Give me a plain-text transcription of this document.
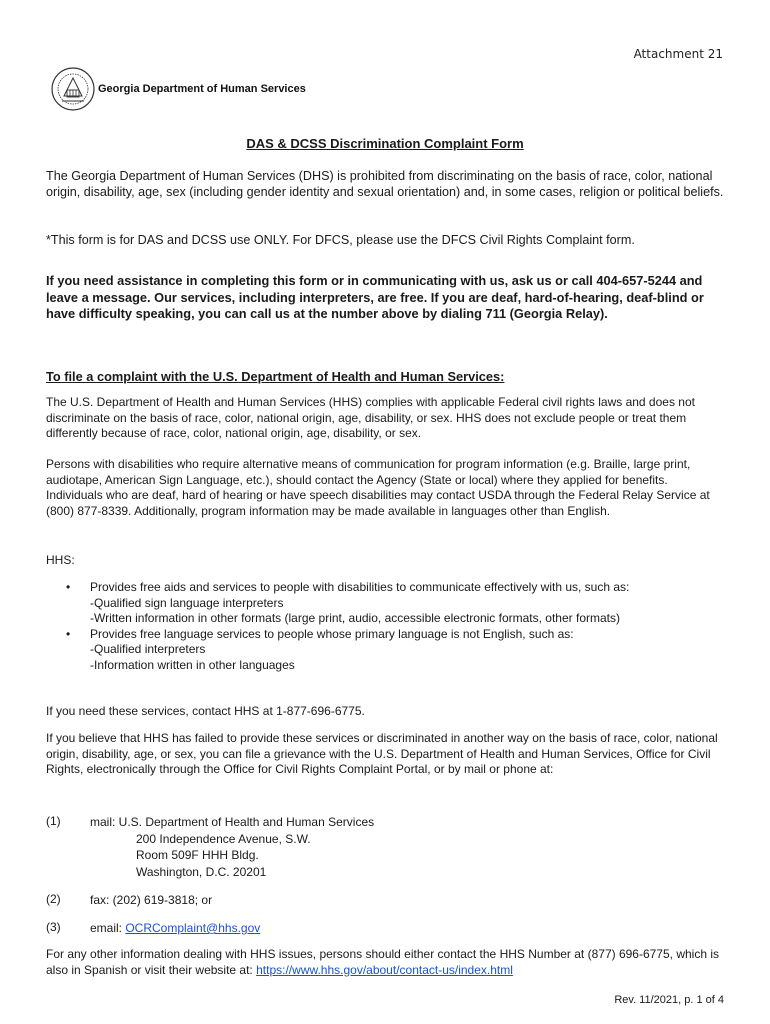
Attachment 21
Georgia Department of Human Services
DAS & DCSS Discrimination Complaint Form
The Georgia Department of Human Services (DHS) is prohibited from discriminating on the basis of race, color, national origin, disability, age, sex (including gender identity and sexual orientation) and, in some cases, religion or political beliefs.
*This form is for DAS and DCSS use ONLY. For DFCS, please use the DFCS Civil Rights Complaint form.
If you need assistance in completing this form or in communicating with us, ask us or call 404-657-5244 and leave a message. Our services, including interpreters, are free. If you are deaf, hard-of-hearing, deaf-blind or have difficulty speaking, you can call us at the number above by dialing 711 (Georgia Relay).
To file a complaint with the U.S. Department of Health and Human Services:
The U.S. Department of Health and Human Services (HHS) complies with applicable Federal civil rights laws and does not discriminate on the basis of race, color, national origin, age, disability, or sex. HHS does not exclude people or treat them differently because of race, color, national origin, age, disability, or sex.
Persons with disabilities who require alternative means of communication for program information (e.g. Braille, large print, audiotape, American Sign Language, etc.), should contact the Agency (State or local) where they applied for benefits. Individuals who are deaf, hard of hearing or have speech disabilities may contact USDA through the Federal Relay Service at (800) 877-8339. Additionally, program information may be made available in languages other than English.
HHS:
• Provides free aids and services to people with disabilities to communicate effectively with us, such as:
-Qualified sign language interpreters
-Written information in other formats (large print, audio, accessible electronic formats, other formats)
• Provides free language services to people whose primary language is not English, such as:
-Qualified interpreters
-Information written in other languages
If you need these services, contact HHS at 1-877-696-6775.
If you believe that HHS has failed to provide these services or discriminated in another way on the basis of race, color, national origin, disability, age, or sex, you can file a grievance with the U.S. Department of Health and Human Services, Office for Civil Rights, electronically through the Office for Civil Rights Complaint Portal, or by mail or phone at:
(1) mail: U.S. Department of Health and Human Services
200 Independence Avenue, S.W.
Room 509F HHH Bldg.
Washington, D.C. 20201
(2) fax: (202) 619-3818; or
(3) email: OCRComplaint@hhs.gov
For any other information dealing with HHS issues, persons should either contact the HHS Number at (877) 696-6775, which is also in Spanish or visit their website at: https://www.hhs.gov/about/contact-us/index.html
Rev. 11/2021, p. 1 of 4
